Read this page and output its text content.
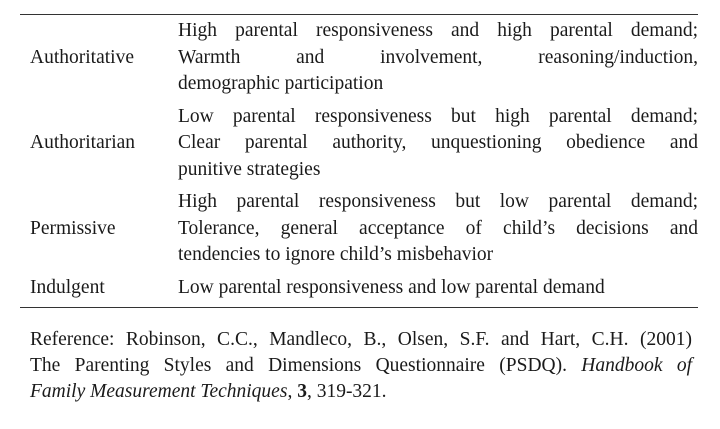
Authoritative
High parental responsiveness and high parental demand;
Warmth and involvement, reasoning/induction,
demographic participation
Authoritarian
Low parental responsiveness but high parental demand;
Clear parental authority, unquestioning obedience and
punitive strategies
Permissive
High parental responsiveness but low parental demand;
Tolerance, general acceptance of child’s decisions and
tendencies to ignore child’s misbehavior
Indulgent	Low parental responsiveness and low parental demand
Reference: Robinson, C.C., Mandleco, B., Olsen, S.F. and Hart, C.H. (2001)
The Parenting Styles and Dimensions Questionnaire (PSDQ). Handbook of
Family Measurement Techniques, 3, 319-321.
